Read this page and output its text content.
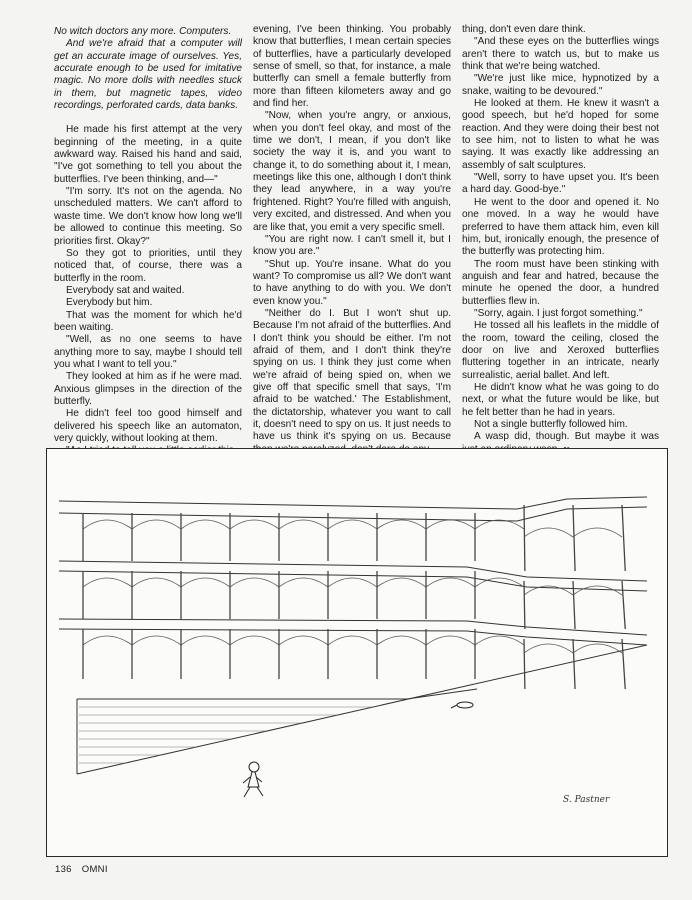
No witch doctors any more. Computers.

And we're afraid that a computer will get an accurate image of ourselves. Yes, accurate enough to be used for imitative magic. No more dolls with needles stuck in them, but magnetic tapes, video recordings, perforated cards, data banks.

He made his first attempt at the very beginning of the meeting, in a quite awkward way. Raised his hand and said, "I've got something to tell you about the butterflies. I've been thinking, and—"

"I'm sorry. It's not on the agenda. No unscheduled matters. We can't afford to waste time. We don't know how long we'll be allowed to continue this meeting. So priorities first. Okay?"

So they got to priorities, until they noticed that, of course, there was a butterfly in the room.

Everybody sat and waited.

Everybody but him.

That was the moment for which he'd been waiting.

"Well, as no one seems to have anything more to say, maybe I should tell you what I want to tell you."

They looked at him as if he were mad. Anxious glimpses in the direction of the butterfly.

He didn't feel too good himself and delivered his speech like an automaton, very quickly, without looking at them.

evening, I've been thinking. You probably know that butterflies, I mean certain species of butterflies, have a particularly developed sense of smell, so that, for instance, a male butterfly can smell a female butterfly from more than fifteen kilometers away and go and find her.

"Now, when you're angry, or anxious, when you don't feel okay, and most of the time we don't, I mean, if you don't like society the way it is, and you want to change it, to do something about it, I mean, meetings like this one, although I don't think they lead anywhere, in a way you're frightened. Right? You're filled with anguish, very excited, and distressed. And when you are like that, you emit a very specific smell.

"You are right now. I can't smell it, but I know you are."

"Shut up. You're insane. What do you want? To compromise us all? We don't want to have anything to do with you. We don't even know you."

"Neither do I. But I won't shut up. Because I'm not afraid of the butterflies. And I don't think you should be either. I'm not afraid of them, and I don't think they're spying on us. I think they just come when we're afraid of being spied on, when we give off that specific smell that says, 'I'm afraid to be watched.' The Establishment, the dictatorship, whatever you want to call it, doesn't need to spy on us. It just needs to have us think it's spying on us. Because

thing, don't even dare think.

"And these eyes on the butterflies wings aren't there to watch us, but to make us think that we're being watched.

"We're just like mice, hypnotized by a snake, waiting to be devoured."

He looked at them. He knew it wasn't a good speech, but he'd hoped for some reaction. And they were doing their best not to see him, not to listen to what he was saying. It was exactly like addressing an assembly of salt sculptures.

"Well, sorry to have upset you. It's been a hard day. Good-bye."

He went to the door and opened it. No one moved. In a way he would have preferred to have them attack him, even kill him, but, ironically enough, the presence of the butterfly was protecting him.

The room must have been stinking with anguish and fear and hatred, because the minute he opened the door, a hundred butterflies flew in.

"Sorry, again. I just forgot something."

He tossed all his leaflets in the middle of the room, toward the ceiling, closed the door on live and Xeroxed butterflies fluttering together in an intricate, nearly surrealistic, aerial ballet. And left.

He didn't know what he was going to do next, or what the future would be like, but he felt better than he had in years.

Not a single butterfly followed him.

A wasp did, though. But maybe it was

S. Pastner
136 OMNI
